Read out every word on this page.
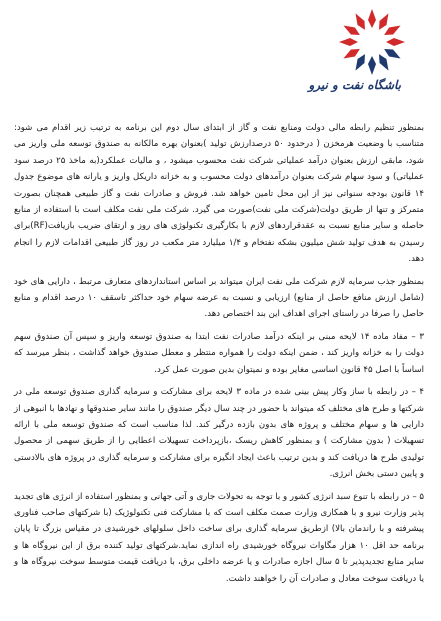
باشگاه نفت و نیرو

بمنظور تنظیم رابطه مالی دولت ومنابع نفت و گاز از ابتدای سال دوم این برنامه به ترتیب زیر اقدام می شود: متناسب با وضعیت هرمخزن ( درحدود ۵۰ درصدارزش تولید )بعنوان بهره مالکانه به صندوق توسعه ملی واریز می شود، مابقی ارزش بعنوان درآمد عملیاتی شرکت نفت محسوب میشود ، و مالیات عملکرد(به ماخذ ۲۵ درصد سود عملیاتی) و سود سهام شرکت بعنوان درآمدهای دولت محسوب و به خزانه داریکل واریز و یارانه های موضوع جدول ۱۴ قانون بودجه سنواتی نیز از این محل تامین خواهد شد. فروش و صادرات نفت و گاز طبیعی همچنان بصورت متمرکز و تنها از طریق دولت(شرکت ملی نفت)صورت می گیرد. شرکت ملی نفت مکلف است با استفاده از منابع حاصله و سایر منابع نسبت به عقدقراردهای لازم با بکارگیری تکنولوژی های روز و ارتقای ضریب بازیافت(RF)برای رسیدن به هدف تولید شش میلیون بشکه نفتخام و ۱/۴ میلیارد متر مکعب در روز گاز طبیعی اقدامات لازم را انجام دهد.

بمنظور جذب سرمایه لازم شرکت ملی نفت ایران میتواند بر اساس استانداردهای متعارف مرتبط ، دارایی های خود (شامل ارزش منافع حاصل از منابع) ارزیابی و نسبت به عرضه سهام خود حداکثر تاسقف ۱۰ درصد اقدام و منابع حاصل را صرفا در راستای اجرای اهداف این بند اختصاص دهد.

۳ – مفاد ماده ۱۴ لایحه مبنی بر اینکه درآمد صادرات نفت ابتدا به صندوق توسعه واریز و سپس آن صندوق سهم دولت را به خزانه واریز کند ، ضمن اینکه دولت را همواره منتظر و معطل صندوق خواهد گذاشت ، بنظر میرسد که اساساً با اصل ۴۵ قانون اساسی مغایر بوده و نمیتوان بدین صورت عمل کرد.

۴ – در رابطه با ساز وکار پیش بینی شده در ماده ۳ لایحه برای مشارکت و سرمایه گذاری صندوق توسعه ملی در شرکتها و طرح های مختلف که میتواند با حضور در چند سال دیگر صندوق را مانند سایر صندوقها و نهادها با انبوهی از دارایی ها و سهام مختلف و پروژه های بدون بازده درگیر کند. لذا مناسب است که صندوق توسعه ملی با ارائه تسهیلات ( بدون مشارکت ) و بمنظور کاهش ریسک ،بازپرداخت تسهیلات اعطایی را از طریق سهمی از محصول تولیدی طرح ها دریافت کند و بدین ترتیب باعث ایجاد انگیزه برای مشارکت و سرمایه گذاری در پروژه های بالادستی و پایین دستی بخش انرژی.

۵ – در رابطه با تنوع سبد انرژی کشور و با توجه به تحولات جاری و آتی جهانی و بمنظور استفاده از انرژی های تجدید پذیر وزارت نیرو و با همکاری وزارت صمت مکلف است که با مشارکت فنی تکنولوژیک (با شرکتهای صاحب فناوری پیشرفته و با راندمان بالا) ازطریق سرمایه گذاری برای ساخت داخل سلولهای خورشیدی در مقیاس بزرگ تا پایان برنامه حد اقل ۱۰ هزار مگاوات نیروگاه خورشیدی راه اندازی نماید.شرکتهای تولید کننده برق از این نیروگاه ها و سایر منابع تجدیدپذیر تا ۵ سال اجازه صادرات و یا عرضه داخلی برق، با دریافت قیمت متوسط سوخت نیروگاه ها و یا دریافت سوخت معادل و صادرات آن را خواهند داشت.
